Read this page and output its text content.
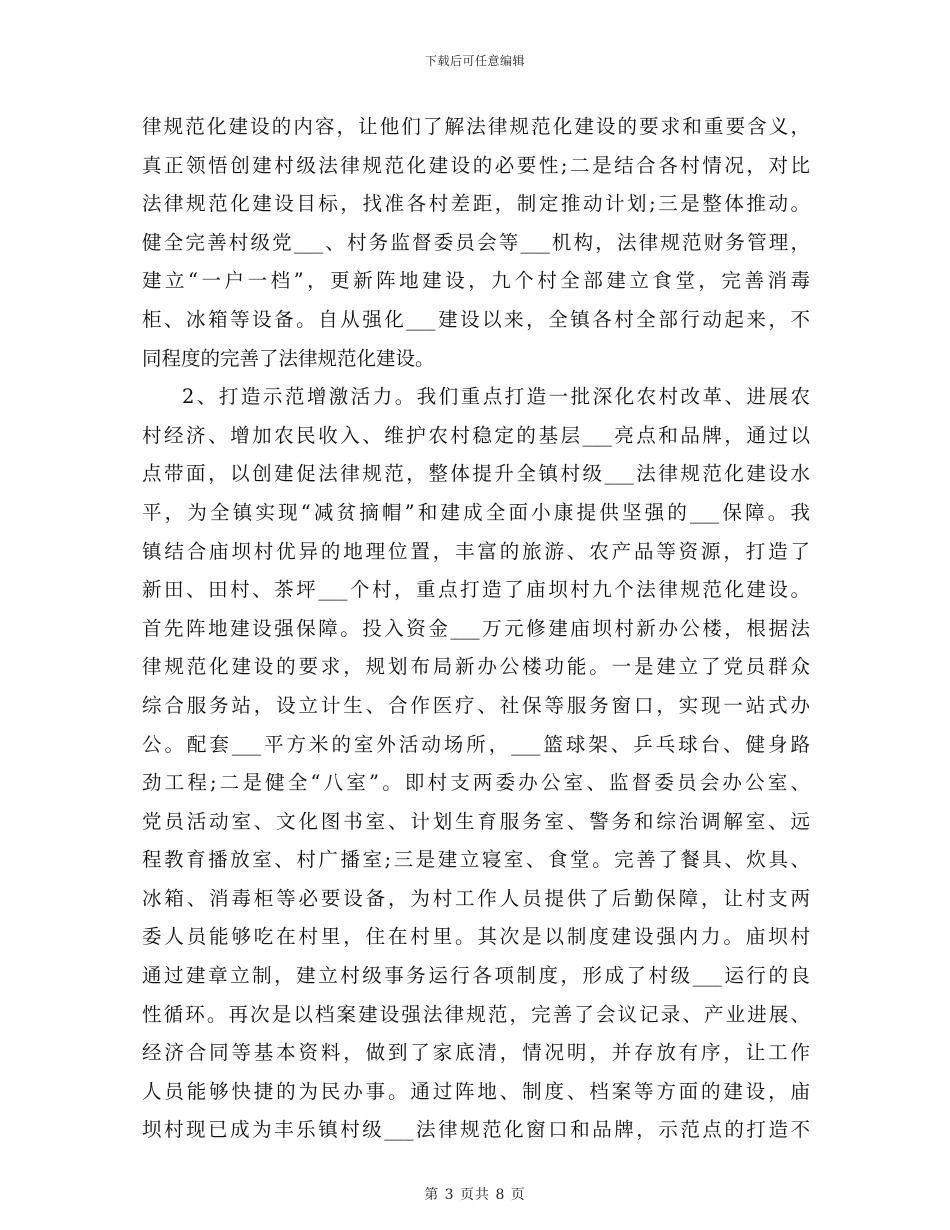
下载后可任意编辑
律规范化建设的内容，让他们了解法律规范化建设的要求和重要含义，
真正领悟创建村级法律规范化建设的必要性;二是结合各村情况，对比
法律规范化建设目标，找准各村差距，制定推动计划;三是整体推动。
健全完善村级党___、村务监督委员会等___机构，法律规范财务管理，
建立“一户一档”，更新阵地建设，九个村全部建立食堂，完善消毒
柜、冰箱等设备。自从强化___建设以来，全镇各村全部行动起来，不
同程度的完善了法律规范化建设。
2、打造示范增激活力。我们重点打造一批深化农村改革、进展农
村经济、增加农民收入、维护农村稳定的基层___亮点和品牌，通过以
点带面，以创建促法律规范，整体提升全镇村级___法律规范化建设水
平，为全镇实现“减贫摘帽”和建成全面小康提供坚强的___保障。我
镇结合庙坝村优异的地理位置，丰富的旅游、农产品等资源，打造了
新田、田村、茶坪___个村，重点打造了庙坝村九个法律规范化建设。
首先阵地建设强保障。投入资金___万元修建庙坝村新办公楼，根据法
律规范化建设的要求，规划布局新办公楼功能。一是建立了党员群众
综合服务站，设立计生、合作医疗、社保等服务窗口，实现一站式办
公。配套___平方米的室外活动场所，___篮球架、乒乓球台、健身路
劲工程;二是健全“八室”。即村支两委办公室、监督委员会办公室、
党员活动室、文化图书室、计划生育服务室、警务和综治调解室、远
程教育播放室、村广播室;三是建立寝室、食堂。完善了餐具、炊具、
冰箱、消毒柜等必要设备，为村工作人员提供了后勤保障，让村支两
委人员能够吃在村里，住在村里。其次是以制度建设强内力。庙坝村
通过建章立制，建立村级事务运行各项制度，形成了村级___运行的良
性循环。再次是以档案建设强法律规范，完善了会议记录、产业进展、
经济合同等基本资料，做到了家底清，情况明，并存放有序，让工作
人员能够快捷的为民办事。通过阵地、制度、档案等方面的建设，庙
坝村现已成为丰乐镇村级___法律规范化窗口和品牌，示范点的打造不
第 3 页共 8 页
